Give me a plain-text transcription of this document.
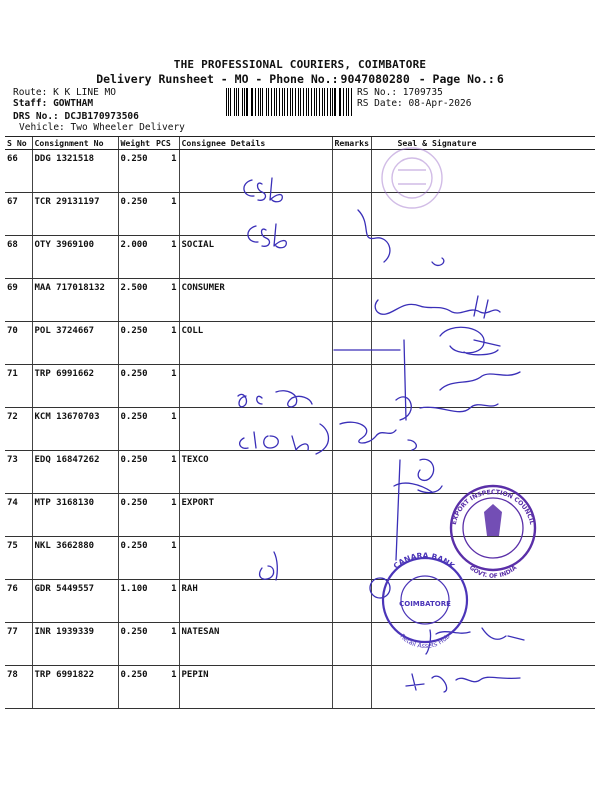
THE PROFESSIONAL COURIERS, COIMBATORE
Delivery Runsheet - MO - Phone No.: 9047080280 - Page No.: 6
Route: K K LINE MO
Staff: GOWTHAM
DRS No.: DCJB170973506
Vehicle: Two Wheeler Delivery
RS No.: 1709735
RS Date: 08-Apr-2026
S No	Consignment No	Weight	PCS	Consignee Details	Remarks	Seal & Signature
66	DDG 1321518	0.250	1			
67	TCR 29131197	0.250	1			
68	OTY 3969100	2.000	1	SOCIAL		
69	MAA 717018132	2.500	1	CONSUMER		
70	POL 3724667	0.250	1	COLL		
71	TRP 6991662	0.250	1			
72	KCM 13670703	0.250	1			
73	EDQ 16847262	0.250	1	TEXCO		
74	MTP 3168130	0.250	1	EXPORT		
75	NKL 3662880	0.250	1			
76	GDR 5449557	1.100	1	RAH		
77	INR 1939339	0.250	1	NATESAN		
78	TRP 6991822	0.250	1	PEPIN		
EXPORT INSPECTION COUNCIL
GOVT. OF INDIA
CANARA BANK
Retail Assets Hub
COIMBATORE
